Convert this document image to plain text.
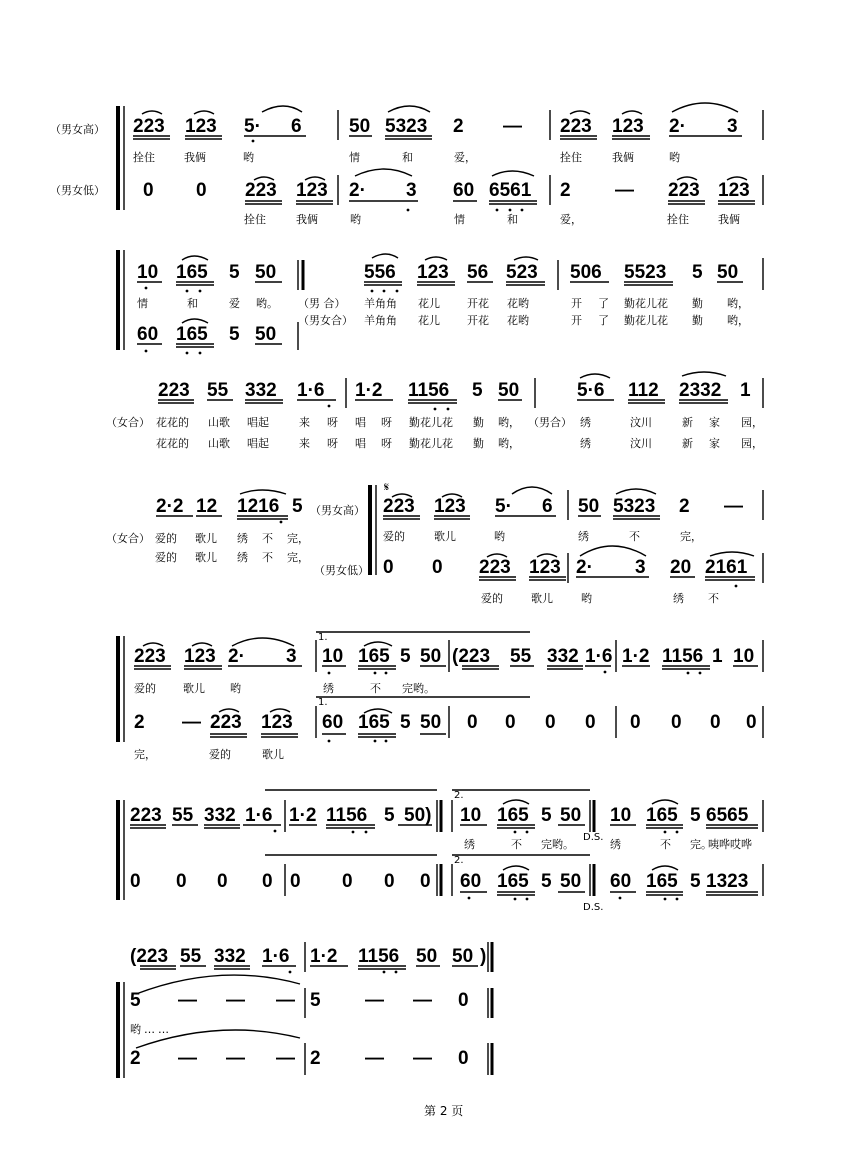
（男女高）
（男女低）
223 123 5· 6 50 5323 2 — 223 123 2· 3
拴住	我俩	哟	情	和	爱，	拴住	我俩	哟
0 0 223 123 2· 3 60 6561 2 — 223 123
拴住	我俩	哟	情	和	爱，	拴住	我俩
10 165 5 50	556 123 56 523 506 5523 5 50
情	和	爱 哟。 （男 合） 羊角角 花儿 开花 花哟	开 了 勤花儿花 勤 哟，
（男女合） 羊角角 花儿 开花 花哟	开 了 勤花儿花 勤 哟，
60 165 5 50
223 55 332 1·6 1·2 1156 5 50	5·6 112 2332 1
（女合） 花花的 山歌 唱起	来 呀 唱 呀 勤花儿花 勤 哟， （男合） 绣	汶川	新 家 园，
花花的 山歌 唱起	来 呀 唱 呀 勤花儿花 勤 哟，	绣	汶川	新 家 园，
2·2 12 1216 5 （男女高）
（男女低）
（女合） 爱的 歌儿 绣 不 完，
爱的 歌儿 绣 不 完，
𝄋
223 123 5· 6 50 5323 2 —
爱的	歌儿	哟	绣	不	完，
0 0 223 123 2· 3 20 2161
爱的	歌儿	哟	绣 不
1.
1.
223 123 2· 3 10 165 5 50 (223 55 332 1·6 1·2 1156 1 10
爱的 歌儿 哟	绣	不 完哟。
2 — 223 123 60 165 5 50 0 0 0 0 0 0 0 0
完，	爱的	歌儿
2.
2.
223 55 332 1·6 1·2 1156 5 50) 10 165 5 50 10 165 5 6565
绣	不 完哟。
D.S.
绣	不 完。
咦哗哎哗
0 0 0 0 0 0 0 0 60 165 5 50 60 165 5 1323
D.S.
(223 55 332 1·6 1·2 1156 50 50 )
5 — — — 5 — — 0
哟……
2 — — — 2 — — 0
第 2 页
